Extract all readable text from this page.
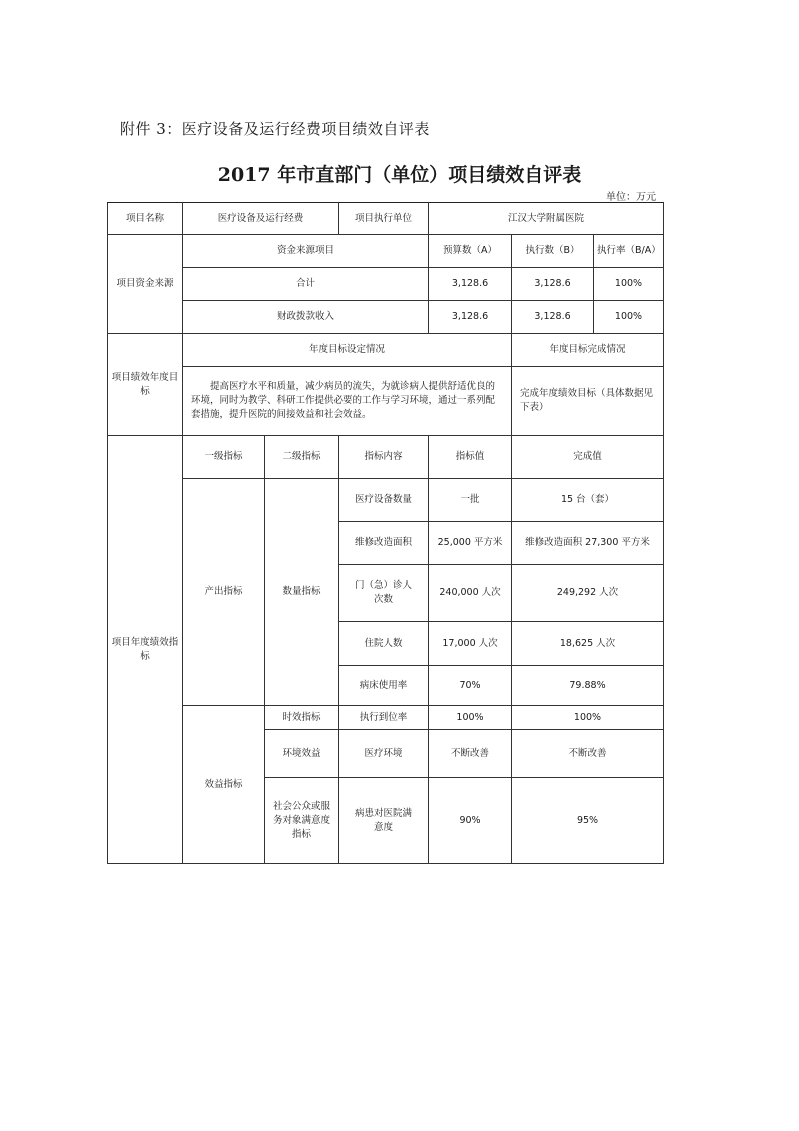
附件 3：医疗设备及运行经费项目绩效自评表
2017 年市直部门（单位）项目绩效自评表
单位：万元
项目名称	医疗设备及运行经费		项目执行单位	江汉大学附属医院		
项目资金来源	资金来源项目			预算数（A）	执行数（B）	执行率（B/A）
	合计			3,128.6	3,128.6	100%
	财政拨款收入			3,128.6	3,128.6	100%
项目绩效年度目标	年度目标设定情况				年度目标完成情况	
	提高医疗水平和质量，减少病员的流失，为就诊病人提供舒适优良的环境，同时为教学、科研工作提供必要的工作与学习环境，通过一系列配套措施，提升医院的间接效益和社会效益。				完成年度绩效目标（具体数据见下表）	
项目年度绩效指标	一级指标	二级指标	指标内容	指标值	完成值	
	产出指标	数量指标	医疗设备数量	一批	15 台（套）	
			维修改造面积	25,000 平方米	维修改造面积 27,300 平方米	
			门（急）诊人次数	240,000 人次	249,292 人次	
			住院人数	17,000 人次	18,625 人次	
			病床使用率	70%	79.88%	
	效益指标	时效指标	执行到位率	100%	100%	
		环境效益	医疗环境	不断改善	不断改善	
		社会公众或服务对象满意度指标	病患对医院满意度	90%	95%	
